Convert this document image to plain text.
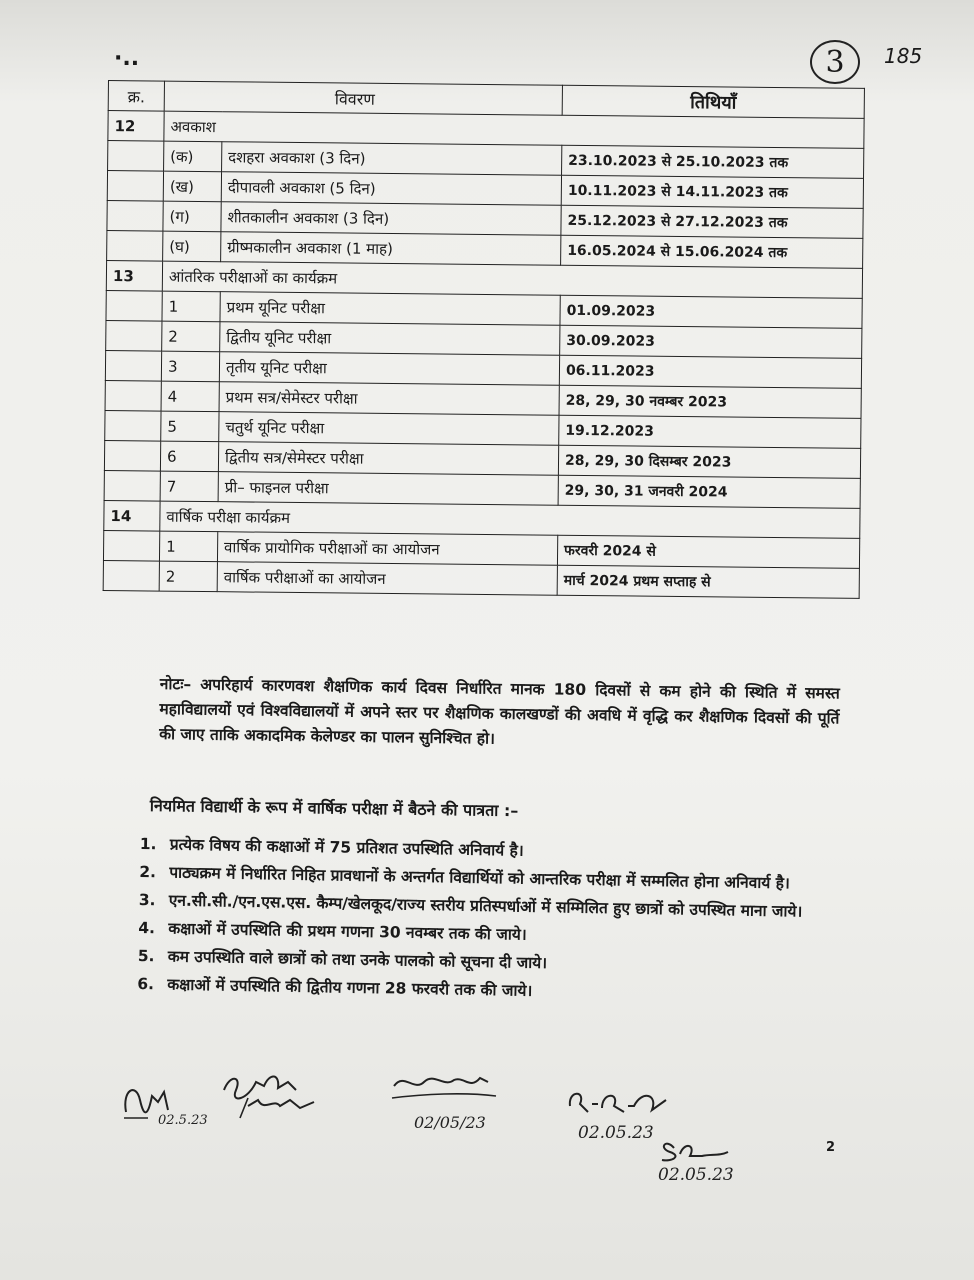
·..	3	185
क्र.	विवरण		तिथियाँ
12	अवकाश		
	(क)	दशहरा अवकाश (3 दिन)	23.10.2023 से 25.10.2023 तक
	(ख)	दीपावली अवकाश (5 दिन)	10.11.2023 से 14.11.2023 तक
	(ग)	शीतकालीन अवकाश (3 दिन)	25.12.2023 से 27.12.2023 तक
	(घ)	ग्रीष्मकालीन अवकाश (1 माह)	16.05.2024 से 15.06.2024 तक
13	आंतरिक परीक्षाओं का कार्यक्रम		
	1	प्रथम यूनिट परीक्षा	01.09.2023
	2	द्वितीय यूनिट परीक्षा	30.09.2023
	3	तृतीय यूनिट परीक्षा	06.11.2023
	4	प्रथम सत्र/सेमेस्टर परीक्षा	28, 29, 30 नवम्बर 2023
	5	चतुर्थ यूनिट परीक्षा	19.12.2023
	6	द्वितीय सत्र/सेमेस्टर परीक्षा	28, 29, 30 दिसम्बर 2023
	7	प्री– फाइनल परीक्षा	29, 30, 31 जनवरी 2024
14	वार्षिक परीक्षा कार्यक्रम		
	1	वार्षिक प्रायोगिक परीक्षाओं का आयोजन	फरवरी 2024 से
	2	वार्षिक परीक्षाओं का आयोजन	मार्च 2024 प्रथम सप्ताह से
नोटः– अपरिहार्य कारणवश शैक्षणिक कार्य दिवस निर्धारित मानक 180 दिवसों से कम होने की स्थिति में समस्त महाविद्यालयों एवं विश्वविद्यालयों में अपने स्तर पर शैक्षणिक कालखण्डों की अवधि में वृद्धि कर शैक्षणिक दिवसों की पूर्ति की जाए ताकि अकादमिक केलेण्डर का पालन सुनिश्चित हो।
नियमित विद्यार्थी के रूप में वार्षिक परीक्षा में बैठने की पात्रता :–
1. प्रत्येक विषय की कक्षाओं में 75 प्रतिशत उपस्थिति अनिवार्य है।
2. पाठ्यक्रम में निर्धारित निहित प्रावधानों के अन्तर्गत विद्यार्थियों को आन्तरिक परीक्षा में सम्मलित होना अनिवार्य है।
3. एन.सी.सी./एन.एस.एस. कैम्प/खेलकूद/राज्य स्तरीय प्रतिस्पर्धाओं में सम्मिलित हुए छात्रों को उपस्थित माना जाये।
4. कक्षाओं में उपस्थिति की प्रथम गणना 30 नवम्बर तक की जाये।
5. कम उपस्थिति वाले छात्रों को तथा उनके पालको को सूचना दी जाये।
6. कक्षाओं में उपस्थिति की द्वितीय गणना 28 फरवरी तक की जाये।
02.5.23	02/05/23
02.05.23
02.05.23
2
